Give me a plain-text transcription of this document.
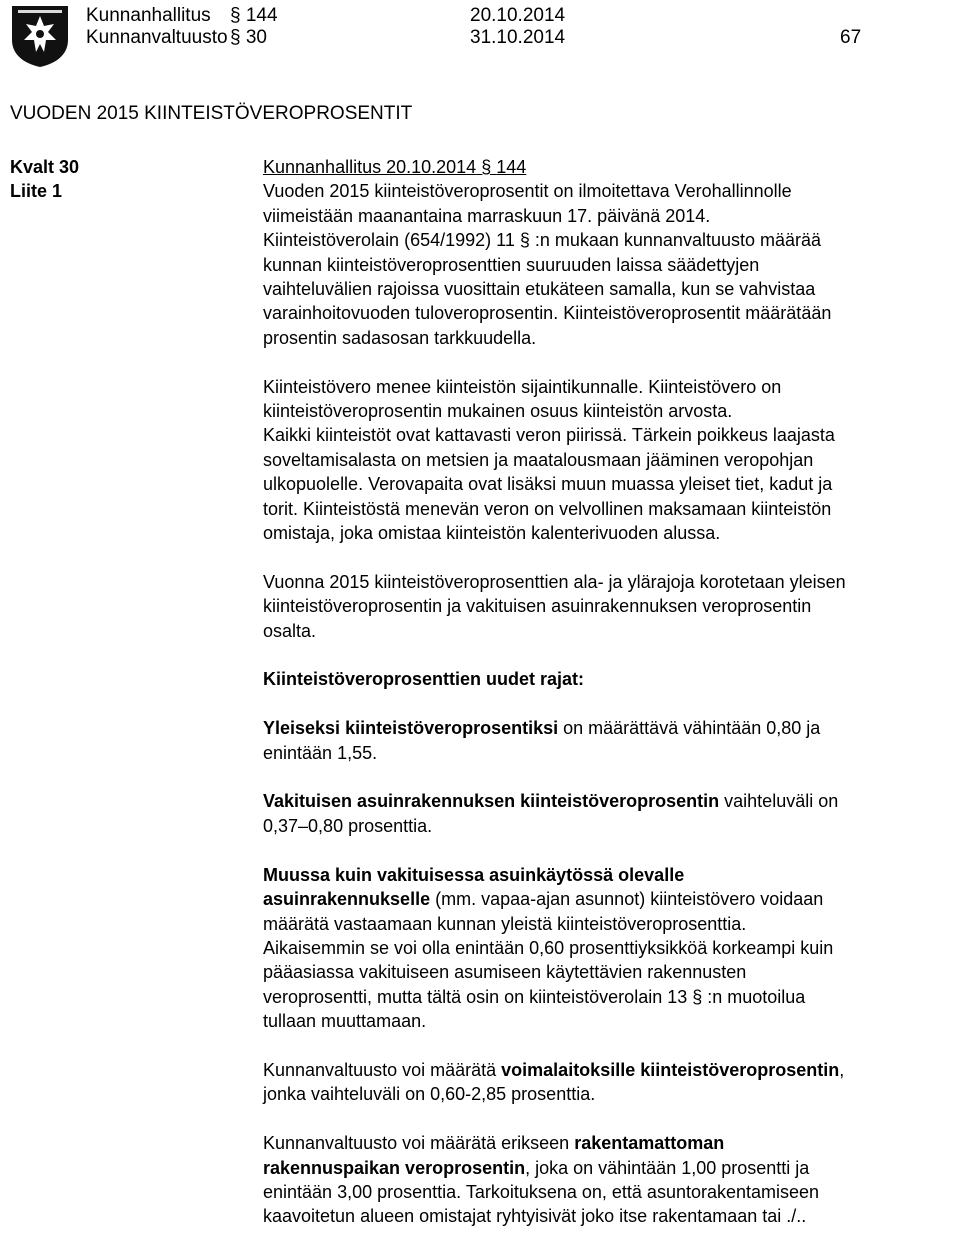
Kunnanhallitus § 144	20.10.2014
Kunnanvaltuusto § 30	31.10.2014	67
VUODEN 2015 KIINTEISTÖVEROPROSENTIT
Kvalt 30
Liite 1
Kunnanhallitus 20.10.2014 § 144
Vuoden 2015 kiinteistöveroprosentit on ilmoitettava Verohallinnolle
viimeistään maanantaina marraskuun 17. päivänä 2014.
Kiinteistöverolain (654/1992) 11 § :n mukaan kunnanvaltuusto määrää
kunnan kiinteistöveroprosenttien suuruuden laissa säädettyjen
vaihteluvälien rajoissa vuosittain etukäteen samalla, kun se vahvistaa
varainhoitovuoden tuloveroprosentin. Kiinteistöveroprosentit määrätään
prosentin sadasosan tarkkuudella.
Kiinteistövero menee kiinteistön sijaintikunnalle. Kiinteistövero on
kiinteistöveroprosentin mukainen osuus kiinteistön arvosta.
Kaikki kiinteistöt ovat kattavasti veron piirissä. Tärkein poikkeus laajasta
soveltamisalasta on metsien ja maatalousmaan jääminen veropohjan
ulkopuolelle. Verovapaita ovat lisäksi muun muassa yleiset tiet, kadut ja
torit. Kiinteistöstä menevän veron on velvollinen maksamaan kiinteistön
omistaja, joka omistaa kiinteistön kalenterivuoden alussa.
Vuonna 2015 kiinteistöveroprosenttien ala- ja ylärajoja korotetaan yleisen
kiinteistöveroprosentin ja vakituisen asuinrakennuksen veroprosentin
osalta.
Kiinteistöveroprosenttien uudet rajat:
Yleiseksi kiinteistöveroprosentiksi on määrättävä vähintään 0,80 ja
enintään 1,55.
Vakituisen asuinrakennuksen kiinteistöveroprosentin vaihteluväli on
0,37–0,80 prosenttia.
Muussa kuin vakituisessa asuinkäytössä olevalle
asuinrakennukselle (mm. vapaa-ajan asunnot) kiinteistövero voidaan
määrätä vastaamaan kunnan yleistä kiinteistöveroprosenttia.
Aikaisemmin se voi olla enintään 0,60 prosenttiyksikköä korkeampi kuin
pääasiassa vakituiseen asumiseen käytettävien rakennusten
veroprosentti, mutta tältä osin on kiinteistöverolain 13 § :n muotoilua
tullaan muuttamaan.
Kunnanvaltuusto voi määrätä voimalaitoksille kiinteistöveroprosentin,
jonka vaihteluväli on 0,60-2,85 prosenttia.
Kunnanvaltuusto voi määrätä erikseen rakentamattoman
rakennuspaikan veroprosentin, joka on vähintään 1,00 prosentti ja
enintään 3,00 prosenttia. Tarkoituksena on, että asuntorakentamiseen
kaavoitetun alueen omistajat ryhtyisivät joko itse rakentamaan tai ./..
